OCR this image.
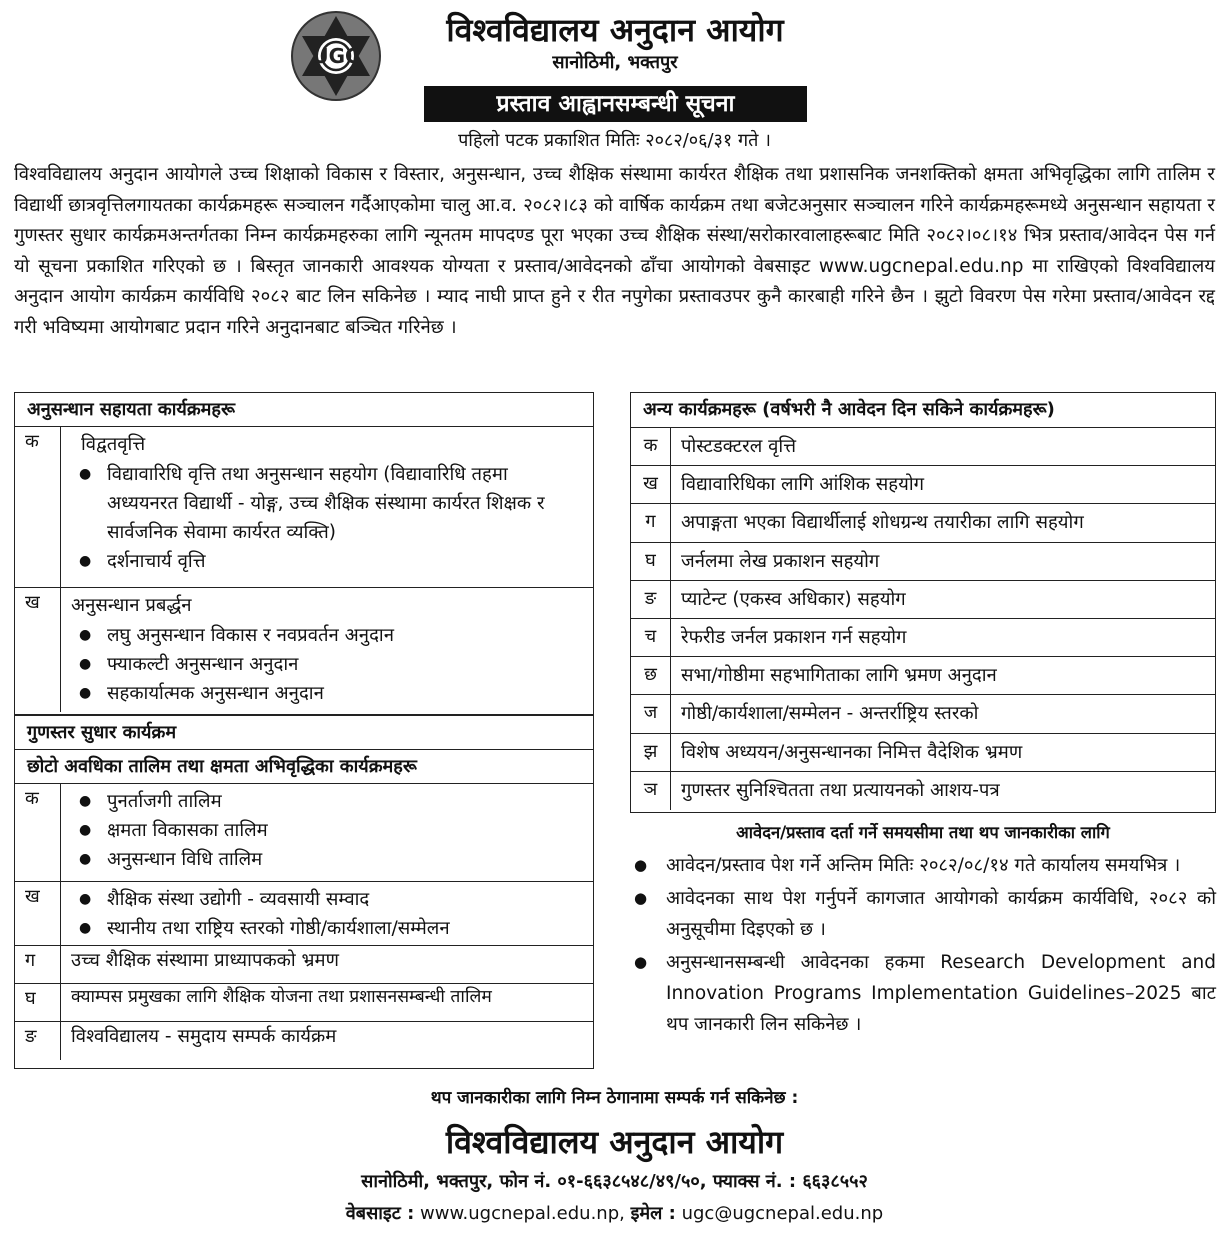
UGC
विश्वविद्यालय अनुदान आयोग
सानोठिमी, भक्तपुर
प्रस्ताव आह्वानसम्बन्धी सूचना
पहिलो पटक प्रकाशित मितिः २०८२/०६/३१ गते ।

विश्वविद्यालय अनुदान आयोगले उच्च शिक्षाको विकास र विस्तार, अनुसन्धान, उच्च शैक्षिक संस्थामा कार्यरत शैक्षिक तथा प्रशासनिक जनशक्तिको क्षमता अभिवृद्धिका लागि तालिम र विद्यार्थी छात्रवृत्तिलगायतका कार्यक्रमहरू सञ्चालन गर्दैआएकोमा चालु आ.व. २०८२।८३ को वार्षिक कार्यक्रम तथा बजेटअनुसार सञ्चालन गरिने कार्यक्रमहरूमध्ये अनुसन्धान सहायता र गुणस्तर सुधार कार्यक्रमअन्तर्गतका निम्न कार्यक्रमहरुका लागि न्यूनतम मापदण्ड पूरा भएका उच्च शैक्षिक संस्था/सरोकारवालाहरूबाट मिति २०८२।०८।१४ भित्र प्रस्ताव/आवेदन पेस गर्न यो सूचना प्रकाशित गरिएको छ । बिस्तृत जानकारी आवश्यक योग्यता र प्रस्ताव/आवेदनको ढाँचा आयोगको वेबसाइट www.ugcnepal.edu.np मा राखिएको विश्वविद्यालय अनुदान आयोग कार्यक्रम कार्यविधि २०८२ बाट लिन सकिनेछ । म्याद नाघी प्राप्त हुने र रीत नपुगेका प्रस्तावउपर कुनै कारबाही गरिने छैन । झुटो विवरण पेस गरेमा प्रस्ताव/आवेदन रद्द गरी भविष्यमा आयोगबाट प्रदान गरिने अनुदानबाट बञ्चित गरिनेछ ।

अनुसन्धान सहायता कार्यक्रमहरू
क	विद्वतवृत्ति
● विद्यावारिधि वृत्ति तथा अनुसन्धान सहयोग (विद्यावारिधि तहमा अध्ययनरत विद्यार्थी - योङ्ग, उच्च शैक्षिक संस्थामा कार्यरत शिक्षक र सार्वजनिक सेवामा कार्यरत व्यक्ति)
● दर्शनाचार्य वृत्ति
ख	अनुसन्धान प्रबर्द्धन
● लघु अनुसन्धान विकास र नवप्रवर्तन अनुदान
● फ्याकल्टी अनुसन्धान अनुदान
● सहकार्यात्मक अनुसन्धान अनुदान
गुणस्तर सुधार कार्यक्रम
छोटो अवधिका तालिम तथा क्षमता अभिवृद्धिका कार्यक्रमहरू
क	● पुनर्ताजगी तालिम
● क्षमता विकासका तालिम
● अनुसन्धान विधि तालिम
ख	● शैक्षिक संस्था उद्योगी - व्यवसायी सम्वाद
● स्थानीय तथा राष्ट्रिय स्तरको गोष्ठी/कार्यशाला/सम्मेलन
ग	उच्च शैक्षिक संस्थामा प्राध्यापकको भ्रमण
घ	क्याम्पस प्रमुखका लागि शैक्षिक योजना तथा प्रशासनसम्बन्धी तालिम
ङ	विश्वविद्यालय - समुदाय सम्पर्क कार्यक्रम
अन्य कार्यक्रमहरू (वर्षभरी नै आवेदन दिन सकिने कार्यक्रमहरू)
क	पोस्टडक्टरल वृत्ति
ख	विद्यावारिधिका लागि आंशिक सहयोग
ग	अपाङ्गता भएका विद्यार्थीलाई शोधग्रन्थ तयारीका लागि सहयोग
घ	जर्नलमा लेख प्रकाशन सहयोग
ङ	प्याटेन्ट (एकस्व अधिकार) सहयोग
च	रेफरीड जर्नल प्रकाशन गर्न सहयोग
छ	सभा/गोष्ठीमा सहभागिताका लागि भ्रमण अनुदान
ज	गोष्ठी/कार्यशाला/सम्मेलन - अन्तर्राष्ट्रिय स्तरको
झ	विशेष अध्ययन/अनुसन्धानका निमित्त वैदेशिक भ्रमण
ञ	गुणस्तर सुनिश्चितता तथा प्रत्यायनको आशय-पत्र
आवेदन/प्रस्ताव दर्ता गर्ने समयसीमा तथा थप जानकारीका लागि
●	आवेदन/प्रस्ताव पेश गर्ने अन्तिम मितिः २०८२/०८/१४ गते कार्यालय समयभित्र ।
●	आवेदनका साथ पेश गर्नुपर्ने कागजात आयोगको कार्यक्रम कार्यविधि, २०८२ को अनुसूचीमा दिइएको छ ।
●	अनुसन्धानसम्बन्धी आवेदनका हकमा Research Development and Innovation Programs Implementation Guidelines–2025 बाट थप जानकारी लिन सकिनेछ ।
थप जानकारीका लागि निम्न ठेगानामा सम्पर्क गर्न सकिनेछ :
विश्वविद्यालय अनुदान आयोग
सानोठिमी, भक्तपुर, फोन नं. ०१-६६३८५४८/४९/५०, फ्याक्स नं. : ६६३८५५२
वेबसाइट : www.ugcnepal.edu.np, इमेल : ugc@ugcnepal.edu.np
